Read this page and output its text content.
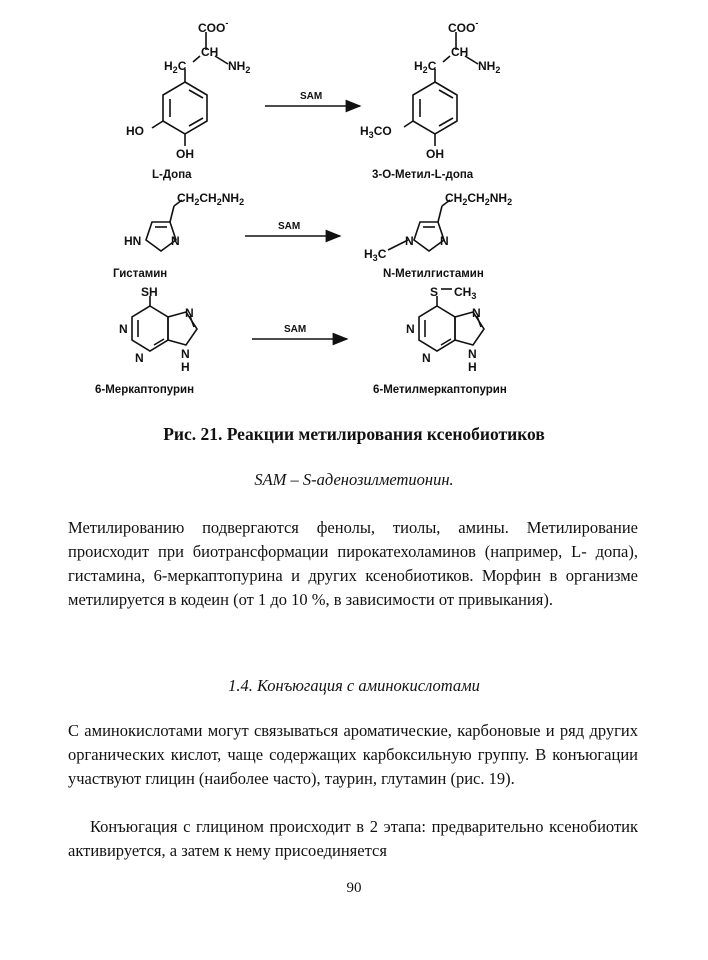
COO-
CH
$NH_2$
$H_2C$
HO
OH
L-Допа
SAM
COO-
CH
$NH_2$
$H_2C$
$H_3CO$
OH
3-O-Метил-L-допа
$CH_2CH_2NH_2$
HN N
Гистамин
SAM
$CH_2CH_2NH_2$
$H_3C$
N N
N-Метилгистамин
SH
N
N
N
N
H
6-Меркаптопурин
SAM
S $CH_3$
N
N
N
N
H
6-Метилмеркаптопурин
Рис. 21. Реакции метилирования ксенобиотиков
SAM – S-аденозилметионин.

Метилированию подвергаются фенолы, тиолы, амины. Метилирование происходит при биотрансформации пирокатехоламинов (например, L- допа), гистамина, 6-меркаптопурина и других ксенобиотиков. Морфин в организме метилируется в кодеин (от 1 до 10 %, в зависимости от привыкания).

1.4. Конъюгация с аминокислотами

С аминокислотами могут связываться ароматические, карбоновые и ряд других органических кислот, чаще содержащих карбоксильную группу. В конъюгации участвуют глицин (наиболее часто), таурин, глутамин (рис. 19).

Конъюгация с глицином происходит в 2 этапа: предварительно ксенобиотик активируется, а затем к нему присоединяется

90
